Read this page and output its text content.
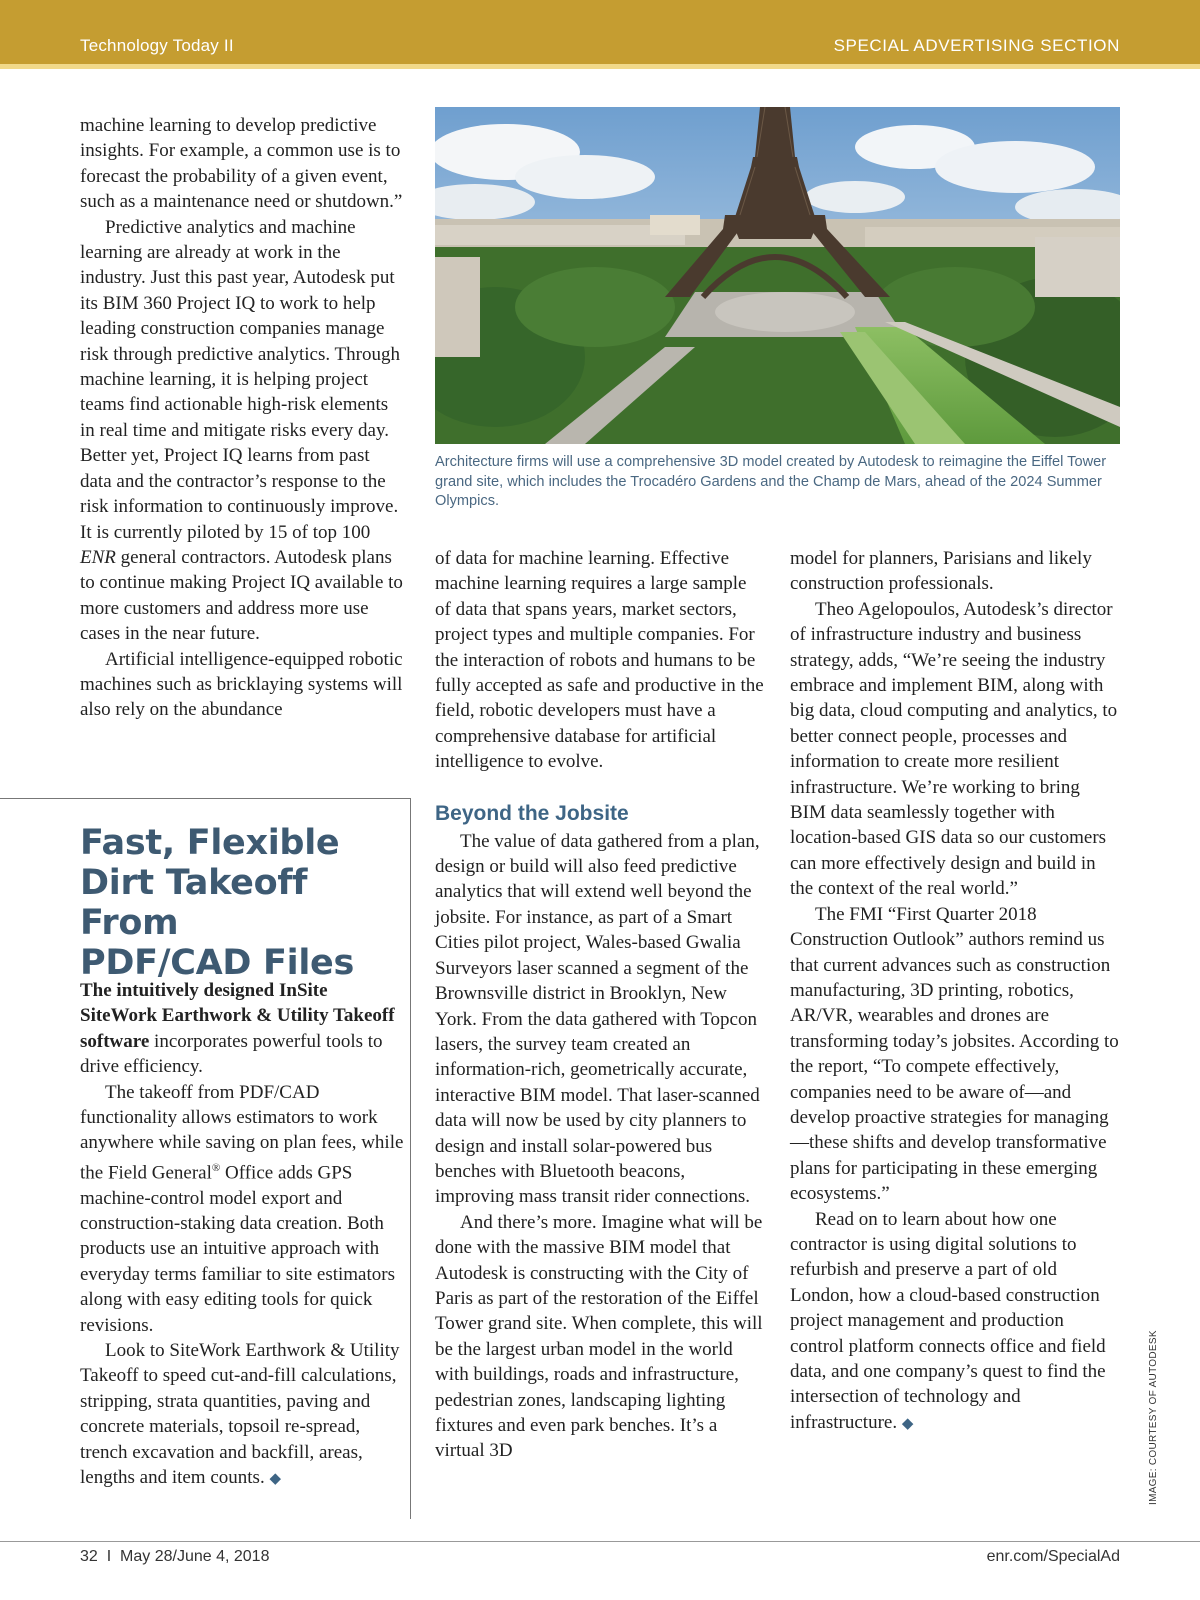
Technology Today II	SPECIAL ADVERTISING SECTION

machine learning to develop predictive insights. For example, a common use is to forecast the probability of a given event, such as a maintenance need or shutdown.”

Predictive analytics and machine learning are already at work in the industry. Just this past year, Autodesk put its BIM 360 Project IQ to work to help leading construction companies manage risk through predictive analytics. Through machine learning, it is helping project teams find actionable high-risk elements in real time and mitigate risks every day. Better yet, Project IQ learns from past data and the contractor’s response to the risk information to continuously improve. It is currently piloted by 15 of top 100 ENR general contractors. Autodesk plans to continue making Project IQ available to more customers and address more use cases in the near future.

Artificial intelligence-equipped robotic machines such as bricklaying systems will also rely on the abundance

Architecture firms will use a comprehensive 3D model created by Autodesk to reimagine the Eiffel Tower grand site, which includes the Trocadéro Gardens and the Champ de Mars, ahead of the 2024 Summer Olympics.

of data for machine learning. Effective machine learning requires a large sample of data that spans years, market sectors, project types and multiple companies. For the interaction of robots and humans to be fully accepted as safe and productive in the field, robotic developers must have a comprehensive database for artificial intelligence to evolve.

Beyond the Jobsite

The value of data gathered from a plan, design or build will also feed predictive analytics that will extend well beyond the jobsite. For instance, as part of a Smart Cities pilot project, Wales-based Gwalia Surveyors laser scanned a segment of the Brownsville district in Brooklyn, New York. From the data gathered with Topcon lasers, the survey team created an information-rich, geometrically accurate, interactive BIM model. That laser-scanned data will now be used by city planners to design and install solar-powered bus benches with Bluetooth beacons, improving mass transit rider connections.

And there’s more. Imagine what will be done with the massive BIM model that Autodesk is constructing with the City of Paris as part of the restoration of the Eiffel Tower grand site. When complete, this will be the largest urban model in the world with buildings, roads and infrastructure, pedestrian zones, landscaping lighting fixtures and even park benches. It’s a virtual 3D

model for planners, Parisians and likely construction professionals.

Theo Agelopoulos, Autodesk’s director of infrastructure industry and business strategy, adds, “We’re seeing the industry embrace and implement BIM, along with big data, cloud computing and analytics, to better connect people, processes and information to create more resilient infrastructure. We’re working to bring BIM data seamlessly together with location-based GIS data so our customers can more effectively design and build in the context of the real world.”

The FMI “First Quarter 2018 Construction Outlook” authors remind us that current advances such as construction manufacturing, 3D printing, robotics, AR/VR, wearables and drones are transforming today’s jobsites. According to the report, “To compete effectively, companies need to be aware of—and develop proactive strategies for managing—these shifts and develop transformative plans for participating in these emerging ecosystems.”

Read on to learn about how one contractor is using digital solutions to refurbish and preserve a part of old London, how a cloud-based construction project management and production control platform connects office and field data, and one company’s quest to find the intersection of technology and infrastructure. ◆

Fast, Flexible
Dirt Takeoff From
PDF/CAD Files

The intuitively designed InSite SiteWork Earthwork & Utility Takeoff software incorporates powerful tools to drive efficiency.

The takeoff from PDF/CAD functionality allows estimators to work anywhere while saving on plan fees, while the Field General® Office adds GPS machine-control model export and construction-staking data creation. Both products use an intuitive approach with everyday terms familiar to site estimators along with easy editing tools for quick revisions.

Look to SiteWork Earthwork & Utility Takeoff to speed cut-and-fill calculations, stripping, strata quantities, paving and concrete materials, topsoil re-spread, trench excavation and backfill, areas, lengths and item counts. ◆	IMAGE: COURTESY OF AUTODESK
32  I  May 28/June 4, 2018	enr.com/SpecialAd
